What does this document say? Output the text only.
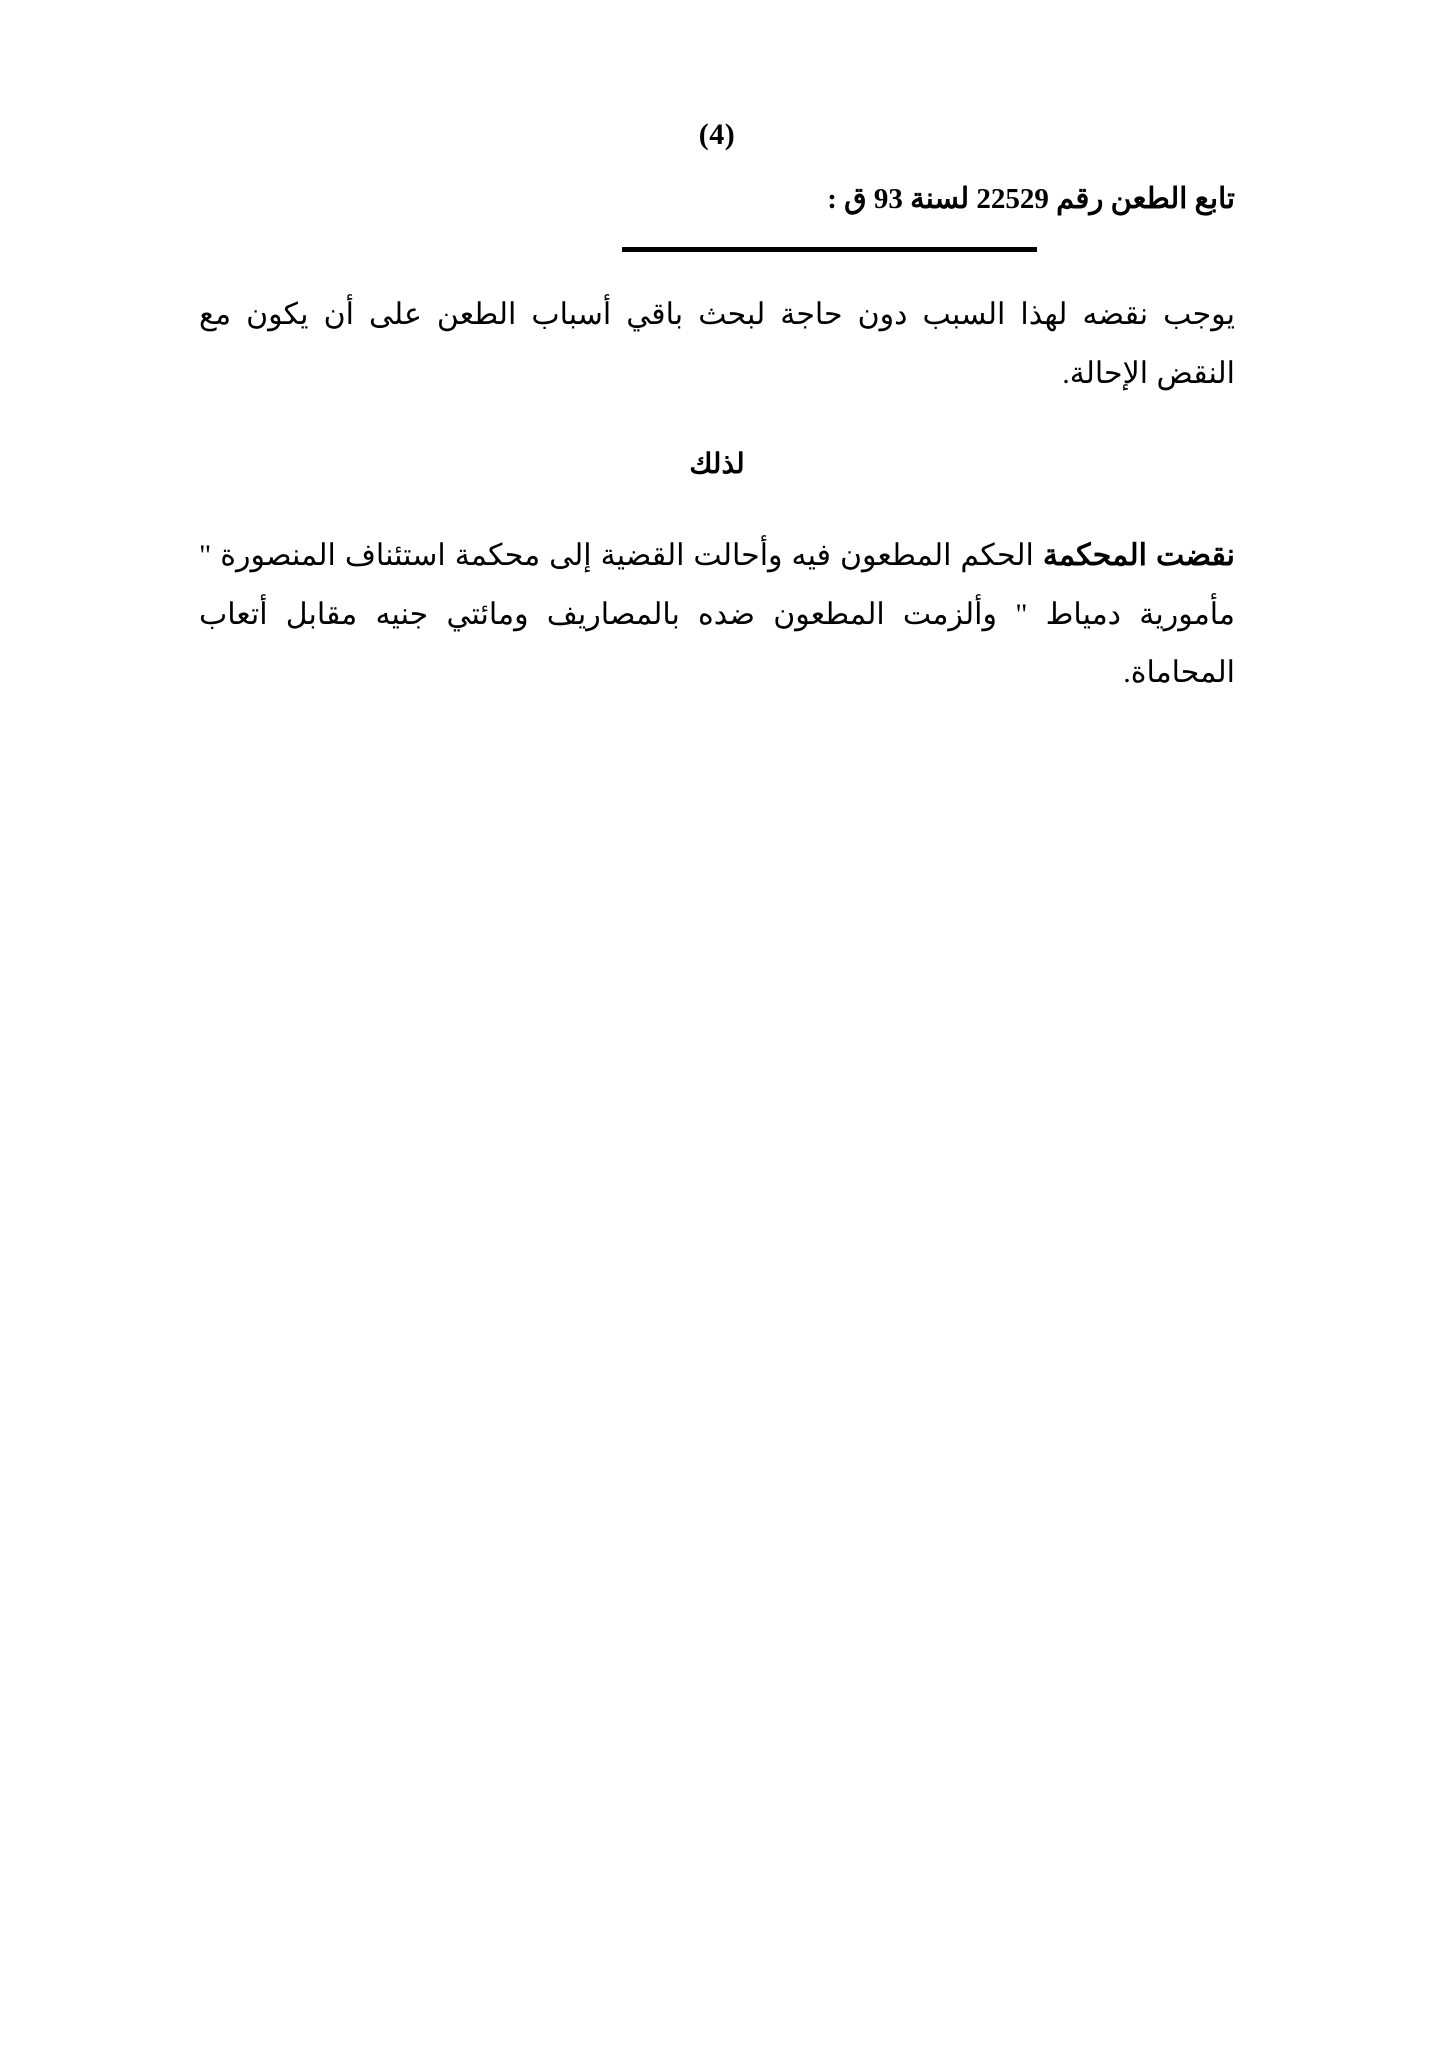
(4)
تابع الطعن رقم 22529 لسنة 93 ق :

يوجب نقضه لهذا السبب دون حاجة لبحث باقي أسباب الطعن على أن يكون مع النقض الإحالة.

لذلك

نقضت المحكمة الحكم المطعون فيه وأحالت القضية إلى محكمة استئناف المنصورة " مأمورية دمياط " وألزمت المطعون ضده بالمصاريف ومائتي جنيه مقابل أتعاب المحاماة.
